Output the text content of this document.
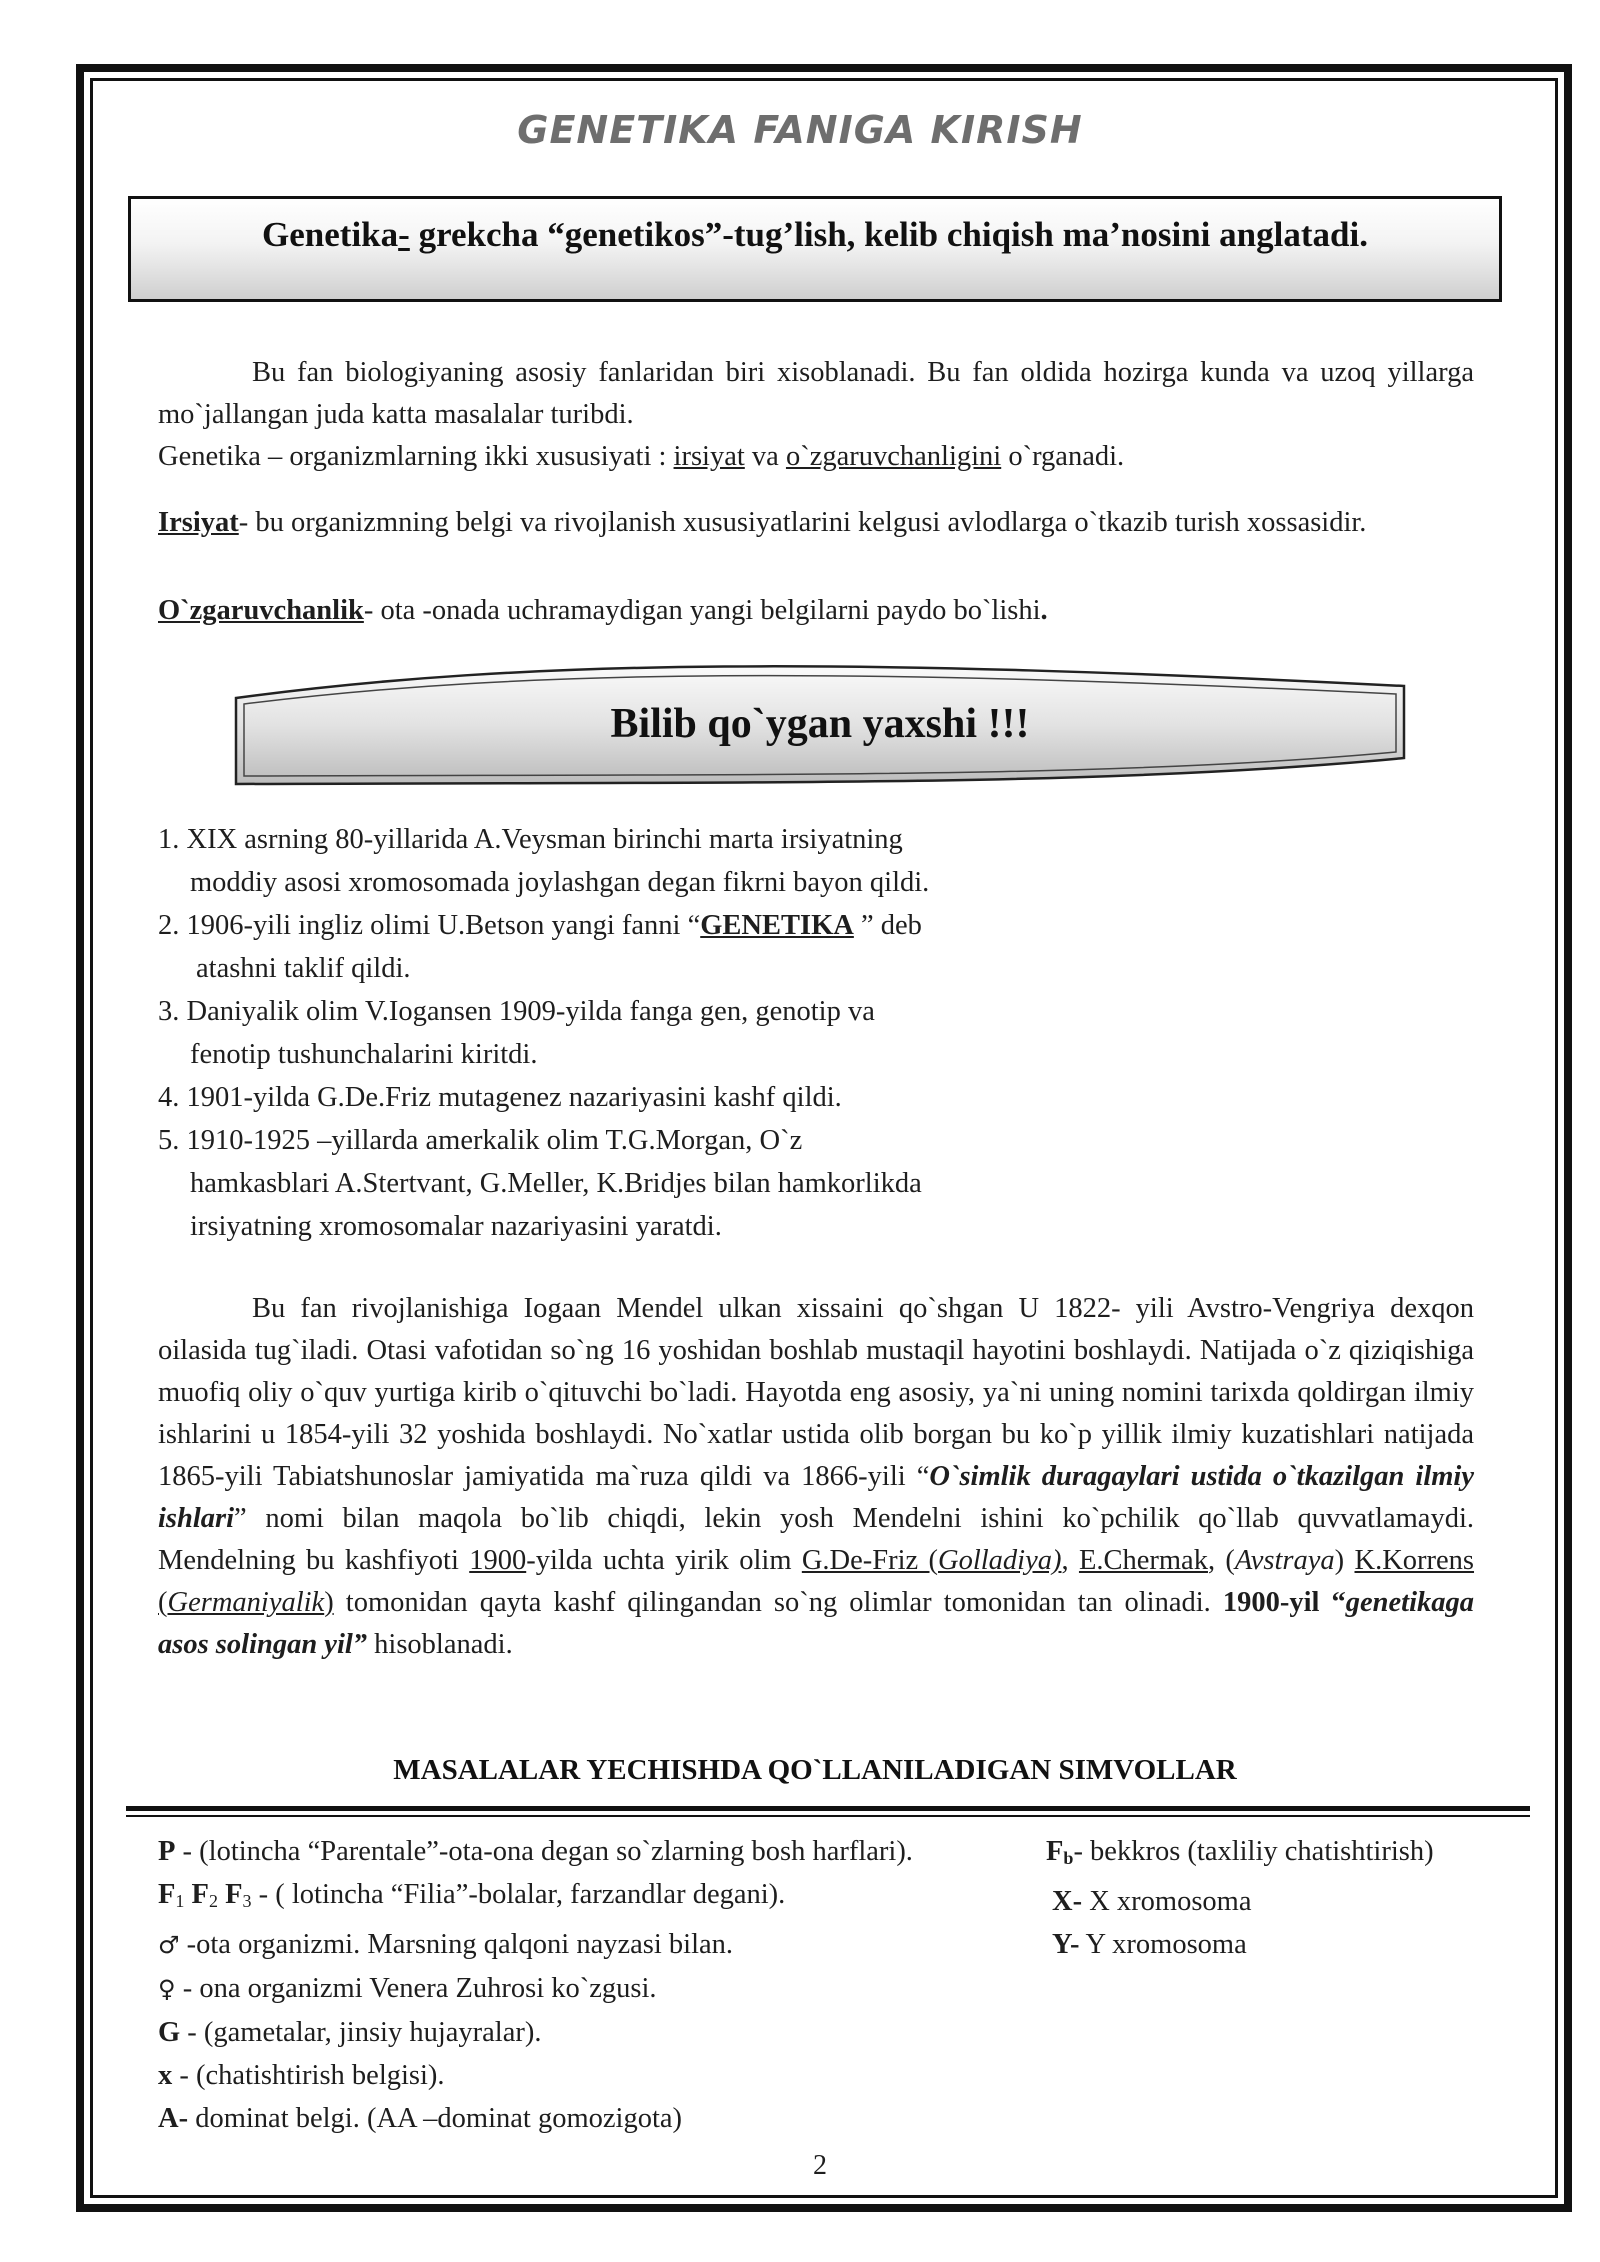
GENETIKA FANIGA KIRISH
Genetika- grekcha “genetikos”-tug’lish, kelib chiqish ma’nosini anglatadi.

Bu fan biologiyaning asosiy fanlaridan biri xisoblanadi. Bu fan oldida hozirga kunda va uzoq yillarga mo`jallangan juda katta masalalar turibdi.
Genetika – organizmlarning ikki xususiyati : irsiyat va o`zgaruvchanligini o`rganadi.

Irsiyat- bu organizmning belgi va rivojlanish xususiyatlarini kelgusi avlodlarga o`tkazib turish xossasidir.

O`zgaruvchanlik- ota -onada uchramaydigan yangi belgilarni paydo bo`lishi.

Bilib qo`ygan yaxshi !!!
1. XIX asrning 80-yillarida A.Veysman birinchi marta irsiyatning
moddiy asosi xromosomada joylashgan degan fikrni bayon qildi.
2. 1906-yili ingliz olimi U.Betson yangi fanni “GENETIKA ” deb
atashni taklif qildi.
3. Daniyalik olim V.Iogansen 1909-yilda fanga gen, genotip va
fenotip tushunchalarini kiritdi.
4. 1901-yilda G.De.Friz mutagenez nazariyasini kashf qildi.
5. 1910-1925 –yillarda amerkalik olim T.G.Morgan, O`z
hamkasblari A.Stertvant, G.Meller, K.Bridjes bilan hamkorlikda
irsiyatning xromosomalar nazariyasini yaratdi.

Bu fan rivojlanishiga Iogaan Mendel ulkan xissaini qo`shgan U 1822- yili Avstro-Vengriya dexqon oilasida tug`iladi. Otasi vafotidan so`ng 16 yoshidan boshlab mustaqil hayotini boshlaydi. Natijada o`z qiziqishiga muofiq oliy o`quv yurtiga kirib o`qituvchi bo`ladi. Hayotda eng asosiy, ya`ni uning nomini tarixda qoldirgan ilmiy ishlarini u 1854-yili 32 yoshida boshlaydi. No`xatlar ustida olib borgan bu ko`p yillik ilmiy kuzatishlari natijada 1865-yili Tabiatshunoslar jamiyatida ma`ruza qildi va 1866-yili “O`simlik duragaylari ustida o`tkazilgan ilmiy ishlari” nomi bilan maqola bo`lib chiqdi, lekin yosh Mendelni ishini ko`pchilik qo`llab quvvatlamaydi. Mendelning bu kashfiyoti 1900-yilda uchta yirik olim G.De-Friz (Golladiya), E.Chermak, (Avstraya) K.Korrens (Germaniyalik) tomonidan qayta kashf qilingandan so`ng olimlar tomonidan tan olinadi. 1900-yil “genetikaga asos solingan yil” hisoblanadi.

MASALALAR YECHISHDA QO`LLANILADIGAN SIMVOLLAR
P - (lotincha “Parentale”-ota-ona degan so`zlarning bosh harflari).
$F_1$ $F_2$ $F_3$ - ( lotincha “Filia”-bolalar, farzandlar degani).
♂ -ota organizmi. Marsning qalqoni nayzasi bilan.
♀ - ona organizmi Venera Zuhrosi ko`zgusi.
G - (gametalar, jinsiy hujayralar).
x - (chatishtirish belgisi).
A- dominat belgi. (AA –dominat gomozigota)
$F_b-$ bekkros (taxliliy chatishtirish)
X- X xromosoma
Y- Y xromosoma
2
